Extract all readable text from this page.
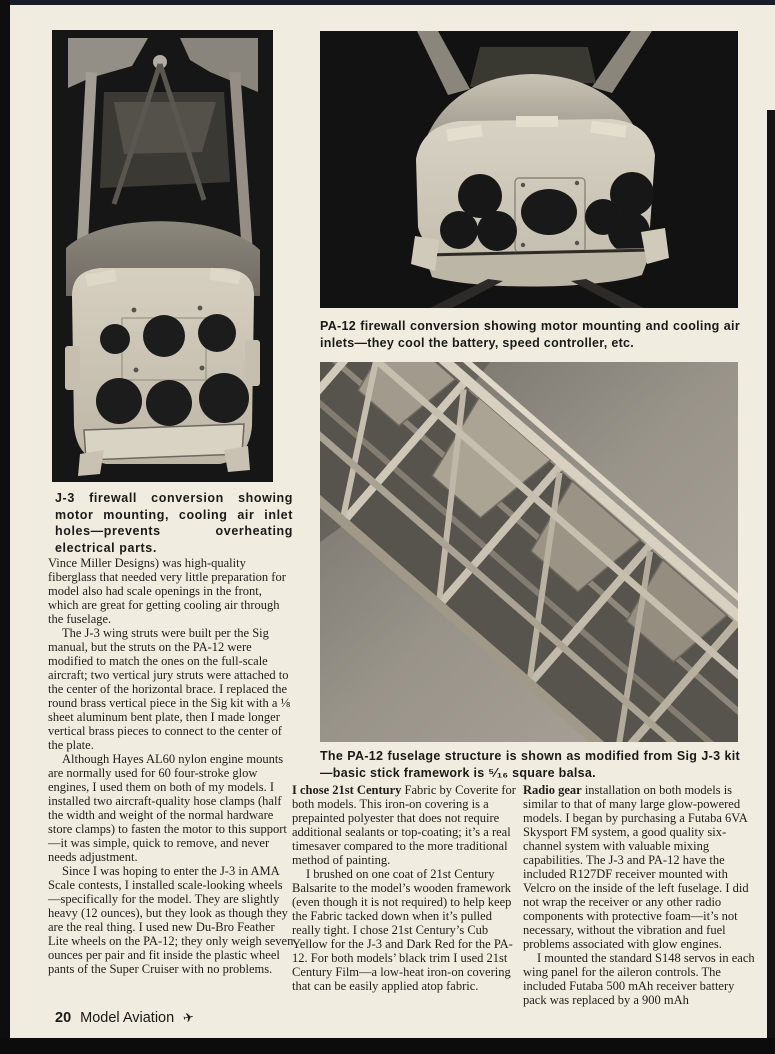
J-3 firewall conversion showing motor mounting, cooling air inlet holes—prevents overheating electrical parts.
PA-12 firewall conversion showing motor mounting and cooling air inlets—they cool the battery, speed controller, etc.
The PA-12 fuselage structure is shown as modified from Sig J-3 kit—basic stick framework is ⁵⁄₁₆ square balsa.

Vince Miller Designs) was high-quality fiberglass that needed very little preparation for model also had scale openings in the front, which are great for getting cooling air through the fuselage.

The J-3 wing struts were built per the Sig manual, but the struts on the PA-12 were modified to match the ones on the full-scale aircraft; two vertical jury struts were attached to the center of the horizontal brace. I replaced the round brass vertical piece in the Sig kit with a ⅛ sheet aluminum bent plate, then I made longer vertical brass pieces to connect to the center of the plate.

Although Hayes AL60 nylon engine mounts are normally used for 60 four-stroke glow engines, I used them on both of my models. I installed two aircraft-quality hose clamps (half the width and weight of the normal hardware store clamps) to fasten the motor to this support—it was simple, quick to remove, and never needs adjustment.

Since I was hoping to enter the J-3 in AMA Scale contests, I installed scale-looking wheels—specifically for the model. They are slightly heavy (12 ounces), but they look as though they are the real thing. I used new Du-Bro Feather Lite wheels on the PA-12; they only weigh seven ounces per pair and fit inside the plastic wheel pants of the Super Cruiser with no problems.

I chose 21st Century Fabric by Coverite for both models. This iron-on covering is a prepainted polyester that does not require additional sealants or top-coating; it’s a real timesaver compared to the more traditional method of painting.

I brushed on one coat of 21st Century Balsarite to the model’s wooden framework (even though it is not required) to help keep the Fabric tacked down when it’s pulled really tight. I chose 21st Century’s Cub Yellow for the J-3 and Dark Red for the PA-12. For both models’ black trim I used 21st Century Film—a low-heat iron-on covering that can be easily applied atop fabric.

Radio gear installation on both models is similar to that of many large glow-powered models. I began by purchasing a Futaba 6VA Skysport FM system, a good quality six-channel system with valuable mixing capabilities. The J-3 and PA-12 have the included R127DF receiver mounted with Velcro on the inside of the left fuselage. I did not wrap the receiver or any other radio components with protective foam—it’s not necessary, without the vibration and fuel problems associated with glow engines.

I mounted the standard S148 servos in each wing panel for the aileron controls. The included Futaba 500 mAh receiver battery pack was replaced by a 900 mAh

20 Model Aviation ✈
